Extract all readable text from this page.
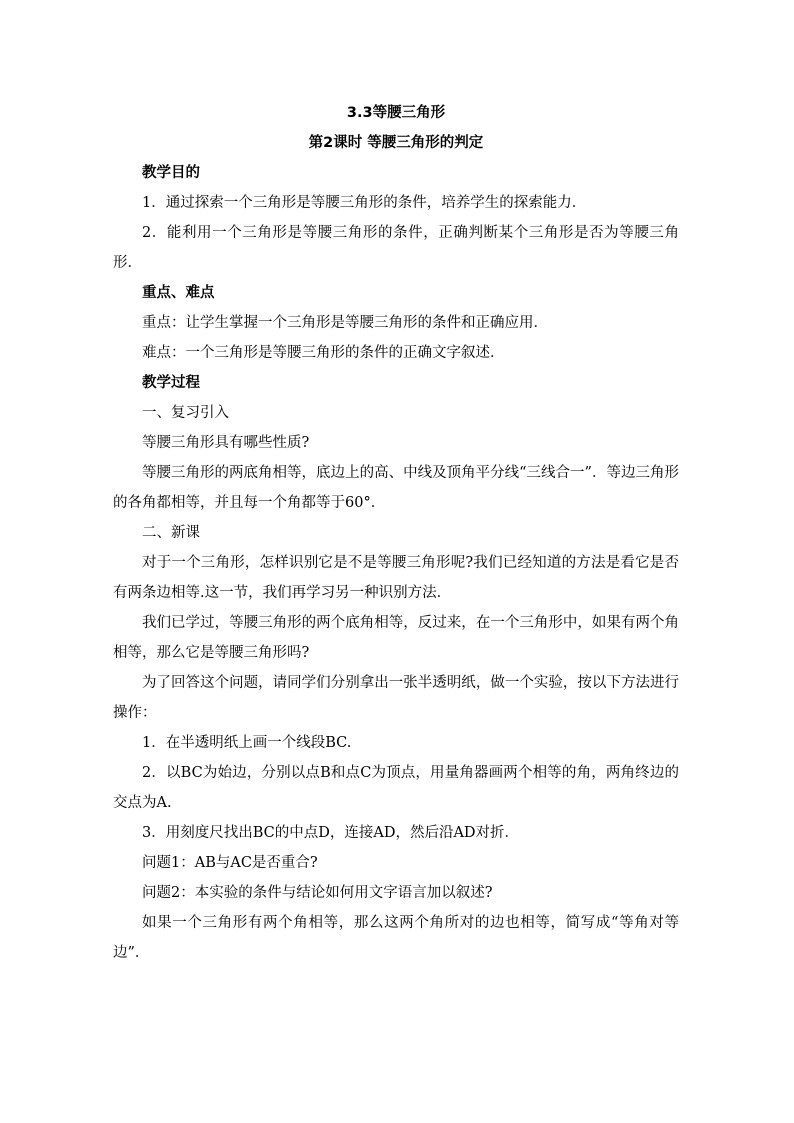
3.3等腰三角形

第2课时 等腰三角形的判定

教学目的

1．通过探索一个三角形是等腰三角形的条件，培养学生的探索能力．

2．能利用一个三角形是等腰三角形的条件，正确判断某个三角形是否为等腰三角形．

重点、难点

重点：让学生掌握一个三角形是等腰三角形的条件和正确应用．

难点：一个三角形是等腰三角形的条件的正确文字叙述．

教学过程

一、复习引入

等腰三角形具有哪些性质?

等腰三角形的两底角相等，底边上的高、中线及顶角平分线“三线合一”．等边三角形的各角都相等，并且每一个角都等于60°．

二、新课

对于一个三角形，怎样识别它是不是等腰三角形呢?我们已经知道的方法是看它是否有两条边相等.这一节，我们再学习另一种识别方法．

我们已学过，等腰三角形的两个底角相等，反过来，在一个三角形中，如果有两个角相等，那么它是等腰三角形吗?

为了回答这个问题，请同学们分别拿出一张半透明纸，做一个实验，按以下方法进行操作：

1．在半透明纸上画一个线段BC.

2．以BC为始边，分别以点B和点C为顶点，用量角器画两个相等的角，两角终边的交点为A.

3．用刻度尺找出BC的中点D，连接AD，然后沿AD对折．

问题1：AB与AC是否重合?

问题2：本实验的条件与结论如何用文字语言加以叙述?

如果一个三角形有两个角相等，那么这两个角所对的边也相等，简写成“等角对等边”．
